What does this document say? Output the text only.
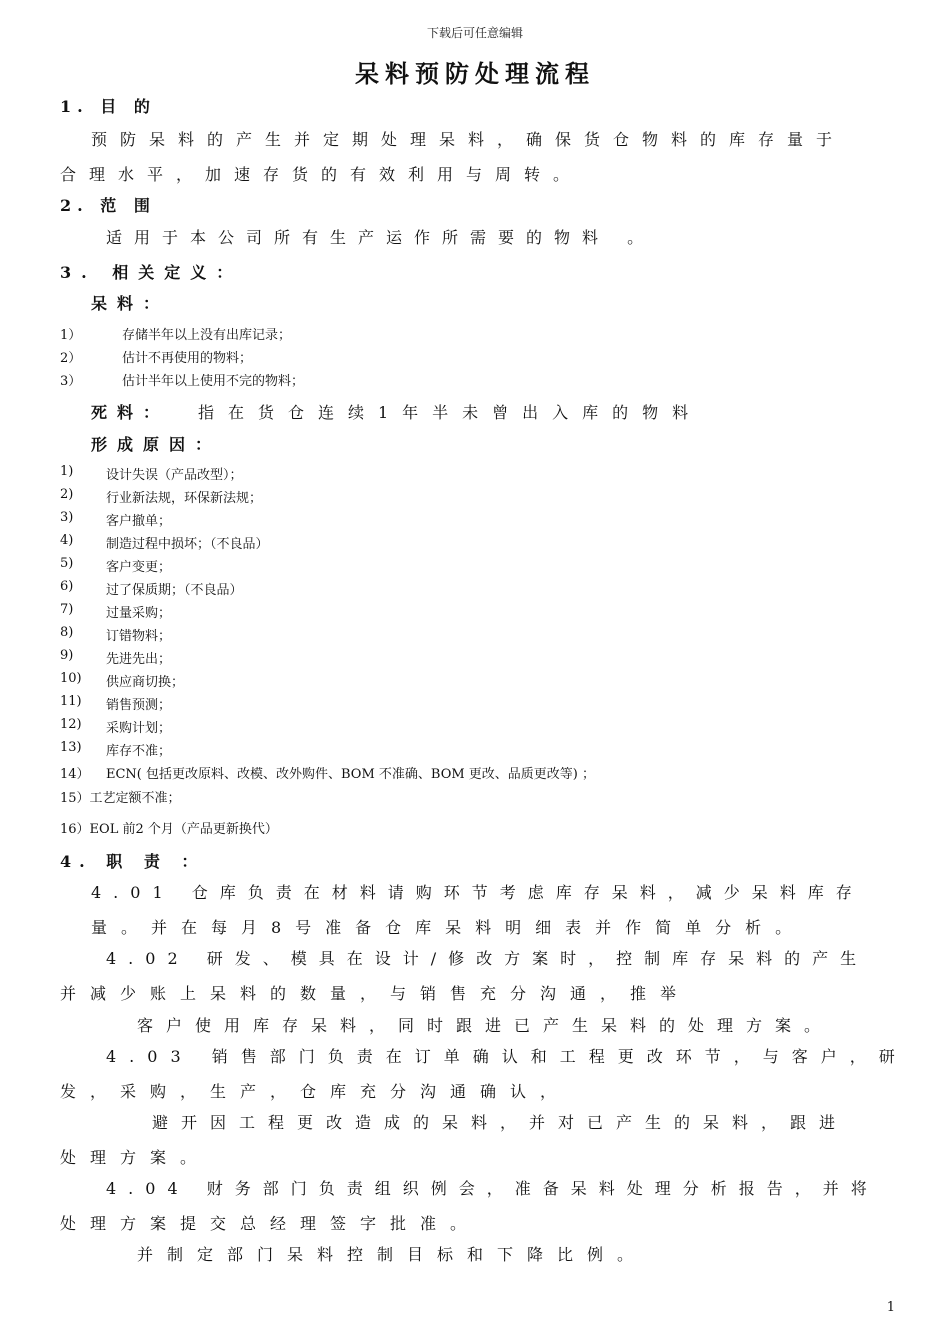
下载后可任意编辑
呆料预防处理流程
1. 目 的
预防呆料的产生并定期处理呆料，确保货仓物料的库存量于
合理水平，加速存货的有效利用与周转。
2. 范 围
适用于本公司所有生产运作所需要的物料 。
3. 相关定义：
呆料：
1）	存储半年以上没有出库记录；
2）	估计不再使用的物料；
3）	估计半年以上使用不完的物料；
死料： 指在货仓连续1年半未曾出入库的物料
形成原因：
1)	设计失误（产品改型）；
2)	行业新法规，环保新法规；
3)	客户撤单；
4)	制造过程中损坏；（不良品）
5)	客户变更；
6)	过了保质期；（不良品）
7)	过量采购；
8)	订错物料；
9)	先进先出；
10) 供应商切换；
11) 销售预测；
12) 采购计划；
13) 库存不准；
14） ECN( 包括更改原料、改模、改外购件、BOM 不准确、BOM 更改、品质更改等) ；
15）工艺定额不准；
16）EOL 前2 个月（产品更新换代）
4. 职 责 ：
4.01 仓库负责在材料请购环节考虑库存呆料，减少呆料库存
量。并在每月8号准备仓库呆料明细表并作简单分析。
4.02 研发、模具在设计/修改方案时，控制库存呆料的产生
并减少账上呆料的数量，与销售充分沟通，推举
客户使用库存呆料，同时跟进已产生呆料的处理方案。
4.03 销售部门负责在订单确认和工程更改环节，与客户，研
发，采购，生产，仓库充分沟通确认，
避开因工程更改造成的呆料，并对已产生的呆料，跟进
处理方案。
4.04 财务部门负责组织例会，准备呆料处理分析报告，并将
处理方案提交总经理签字批准。
并制定部门呆料控制目标和下降比例。
1
